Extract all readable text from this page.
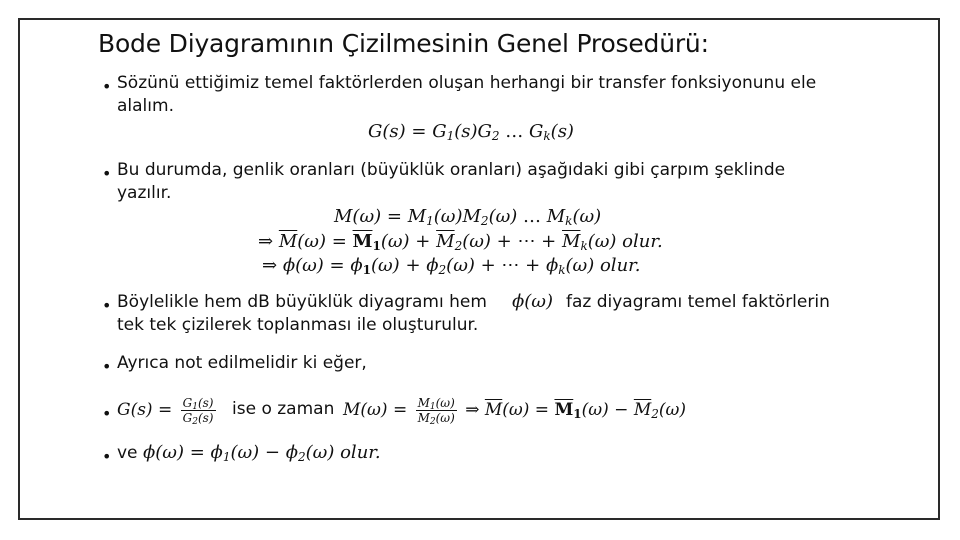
Bode Diyagramının Çizilmesinin Genel Prosedürü:
• Sözünü ettiğimiz temel faktörlerden oluşan herhangi bir transfer fonksiyonunu ele
alalım.
$G(s) = G_1(s)G_2$ … $G_k(s)$
• Bu durumda, genlik oranları (büyüklük oranları) aşağıdaki gibi çarpım şeklinde
yazılır.
$M(\omega) = M_1(\omega)M_2(\omega)$ … $M_k(\omega)$
⇒ $\overline{M}(\omega) = \overline{M}_1(\omega) + \overline{M}_2(\omega)$ + ⋯ + $\overline{M}_k(\omega)$ olur.
⇒ $\phi(\omega) = \phi_1(\omega) + \phi_2(\omega)$ + ⋯ + $\phi_k(\omega)$ olur.
• Böylelikle hem dB büyüklük diyagramı hem ϕ(ω) faz diyagramı temel faktörlerin
tek tek çizilerek toplanması ile oluşturulur.
• Ayrıca not edilmelidir ki eğer,
• $G(s) = \frac{G_1(s)}{G_2(s)}$ ise o zaman $M(\omega) = \frac{M_1(\omega)}{M_2(\omega)}$ ⇒ $\overline{M}(\omega) = \overline{M}_1(\omega) - \overline{M}_2(\omega)$
• ve $\phi(\omega) = \phi_1(\omega) - \phi_2(\omega)$ olur.
